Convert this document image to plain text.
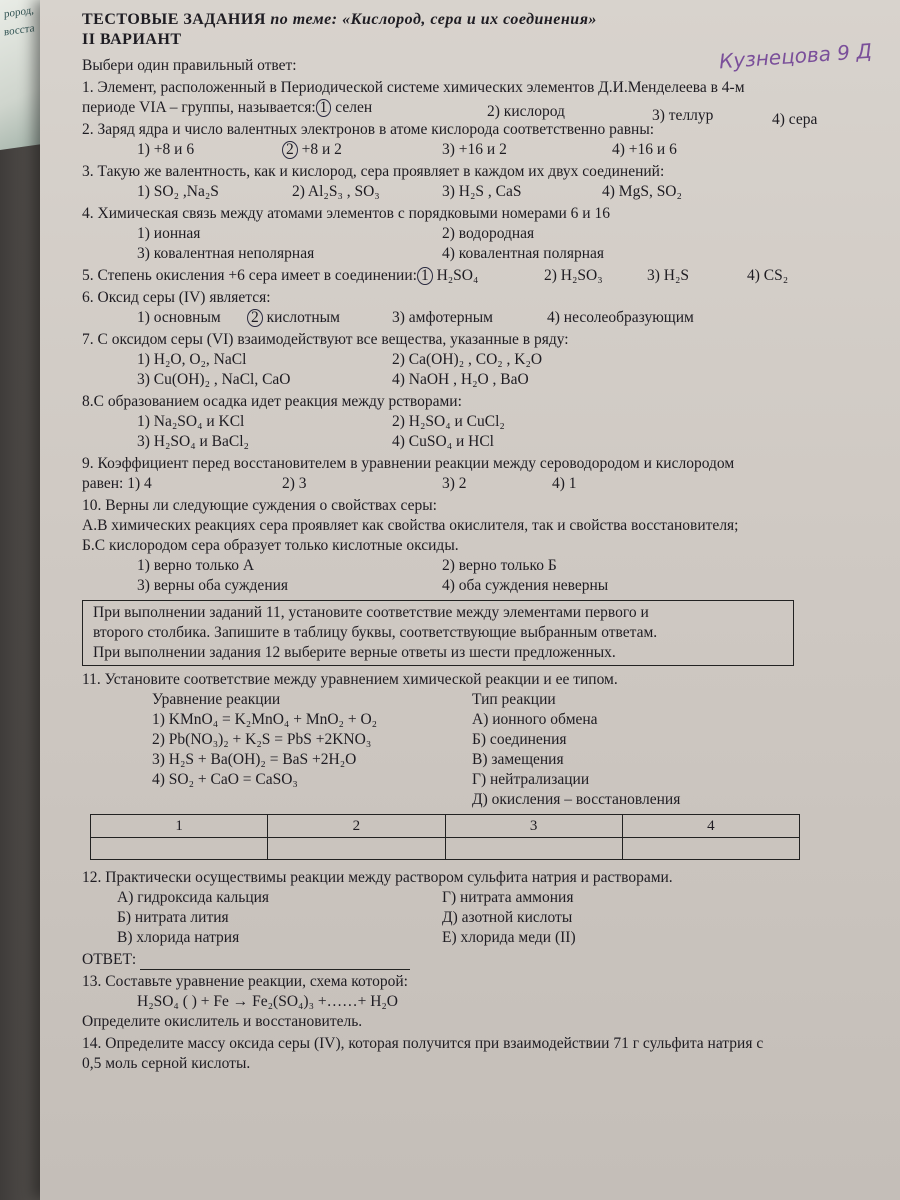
рород,
восста
Кузнецова 9 Д
ТЕСТОВЫЕ ЗАДАНИЯ по теме: «Кислород, сера и их соединения»
II ВАРИАНТ
Выбери один правильный ответ:
1. Элемент, расположенный в Периодической системе химических элементов Д.И.Менделеева в 4-м
периоде VIA – группы, называется: 1 селен	2) кислород	3) теллур	4) сера
2. Заряд ядра и число валентных электронов в атоме кислорода соответственно равны:
1) +8 и 6	2 +8 и 2	3) +16 и 2	4) +16 и 6
3. Такую же валентность, как и кислород, сера проявляет в каждом их двух соединений:
1) SO₂ ,Na₂S	2) Al₂S₃ , SO₃	3) H₂S , CaS	4) MgS, SO₂
4. Химическая связь между атомами элементов с порядковыми номерами 6 и 16
1) ионная	2) водородная
3) ковалентная неполярная	4) ковалентная полярная
5. Степень окисления +6 сера имеет в соединении: 1 H₂SO₄	2) H₂SO₃	3) H₂S	4) CS₂
6. Оксид серы (IV) является:
1) основным 2 кислотным	3) амфотерным	4) несолеобразующим
7. С оксидом серы (VI) взаимодействуют все вещества, указанные в ряду:
1) H₂O, O₂, NaCl	2) Ca(OH)₂ , CO₂ , K₂O
3) Cu(OH)₂ , NaCl, CaO	4) NaOH , H₂O , BaO
8.С образованием осадка идет реакция между рстворами:
1) Na₂SO₄ и KCl	2) H₂SO₄ и CuCl₂
3) H₂SO₄ и BaCl₂	4) CuSO₄ и HCl
9. Коэффициент перед восстановителем в уравнении реакции между сероводородом и кислородом
равен: 1) 4	2) 3	3) 2	4) 1
10. Верны ли следующие суждения о свойствах серы:
А.В химических реакциях сера проявляет как свойства окислителя, так и свойства восстановителя;
Б.С кислородом сера образует только кислотные оксиды.
1) верно только А	2) верно только Б
3) верны оба суждения	4) оба суждения неверны
При выполнении заданий 11, установите соответствие между элементами первого и
второго столбика. Запишите в таблицу буквы, соответствующие выбранным ответам.
При выполнении задания 12 выберите верные ответы из шести предложенных.
11. Установите соответствие между уравнением химической реакции и ее типом.
Уравнение реакции	Тип реакции
1) KMnO₄ = K₂MnO₄ + MnO₂ + O₂	А) ионного обмена
2) Pb(NO₃)₂ + K₂S = PbS +2KNO₃	Б) соединения
3) H₂S + Ba(OH)₂ = BaS +2H₂O	В) замещения
4) SO₂ + CaO = CaSO₃	Г) нейтрализации
Д) окисления – восстановления
1	2	3	4

12. Практически осуществимы реакции между раствором сульфита натрия и растворами.
А) гидроксида кальция	Г) нитрата аммония
Б) нитрата лития	Д) азотной кислоты
В) хлорида натрия	Е) хлорида меди (II)
ОТВЕТ:
13. Составьте уравнение реакции, схема которой:
H₂SO₄ ( ) + Fe → Fe₂(SO₄)₃ +……+ H₂O
Определите окислитель и восстановитель.
14. Определите массу оксида серы (IV), которая получится при взаимодействии 71 г сульфита натрия с
0,5 моль серной кислоты.
